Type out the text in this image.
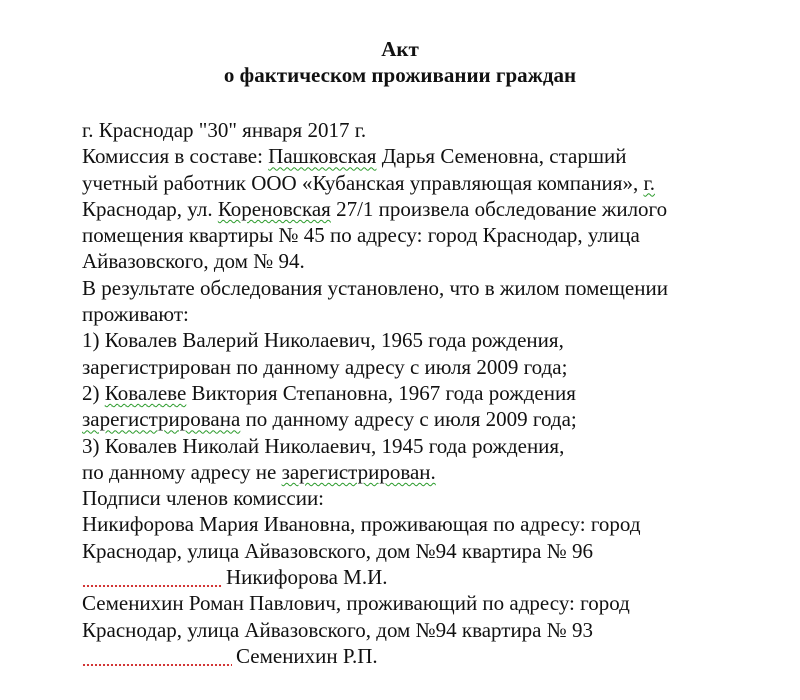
Акт

о фактическом проживании граждан

г. Краснодар "30" января 2017 г.
Комиссия в составе: Пашковская Дарья Семеновна, старший
учетный работник ООО «Кубанская управляющая компания», г.
Краснодар, ул. Кореновская 27/1 произвела обследование жилого
помещения квартиры № 45 по адресу: город Краснодар, улица
Айвазовского, дом № 94.
В результате обследования установлено, что в жилом помещении
проживают:
1) Ковалев Валерий Николаевич, 1965 года рождения,
зарегистрирован по данному адресу с июля 2009 года;
2) Ковалеве Виктория Степановна, 1967 года рождения
зарегистрирована по данному адресу с июля 2009 года;
3) Ковалев Николай Николаевич, 1945 года рождения,
по данному адресу не зарегистрирован.
Подписи членов комиссии:
Никифорова Мария Ивановна, проживающая по адресу: город
Краснодар, улица Айвазовского, дом №94 квартира № 96
Никифорова М.И.
Семенихин Роман Павлович, проживающий по адресу: город
Краснодар, улица Айвазовского, дом №94 квартира № 93
Семенихин Р.П.
